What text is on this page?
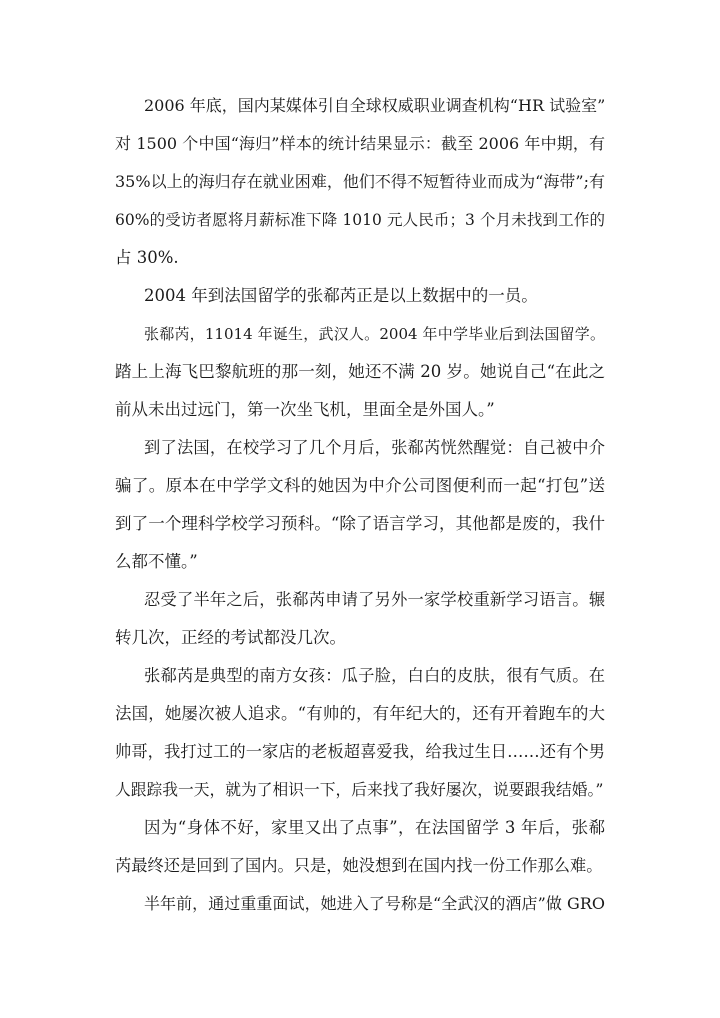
2006 年底，国内某媒体引自全球权威职业调查机构“HR 试验室”
对 1500 个中国“海归”样本的统计结果显示：截至 2006 年中期，有
35%以上的海归存在就业困难，他们不得不短暂待业而成为“海带”;有
60%的受访者愿将月薪标准下降 1010 元人民币；3 个月未找到工作的
占 30%.
2004 年到法国留学的张郗芮正是以上数据中的一员。
张郗芮，11014 年诞生，武汉人。2004 年中学毕业后到法国留学。
踏上上海飞巴黎航班的那一刻，她还不满 20 岁。她说自己“在此之
前从未出过远门，第一次坐飞机，里面全是外国人。”
到了法国，在校学习了几个月后，张郗芮恍然醒觉：自己被中介
骗了。原本在中学学文科的她因为中介公司图便利而一起“打包”送
到了一个理科学校学习预科。“除了语言学习，其他都是废的，我什
么都不懂。”
忍受了半年之后，张郗芮申请了另外一家学校重新学习语言。辗
转几次，正经的考试都没几次。
张郗芮是典型的南方女孩：瓜子脸，白白的皮肤，很有气质。在
法国，她屡次被人追求。“有帅的，有年纪大的，还有开着跑车的大
帅哥，我打过工的一家店的老板超喜爱我，给我过生日……还有个男
人跟踪我一天，就为了相识一下，后来找了我好屡次，说要跟我结婚。”
因为“身体不好，家里又出了点事”，在法国留学 3 年后，张郗
芮最终还是回到了国内。只是，她没想到在国内找一份工作那么难。
半年前，通过重重面试，她进入了号称是“全武汉的酒店”做 GRO
